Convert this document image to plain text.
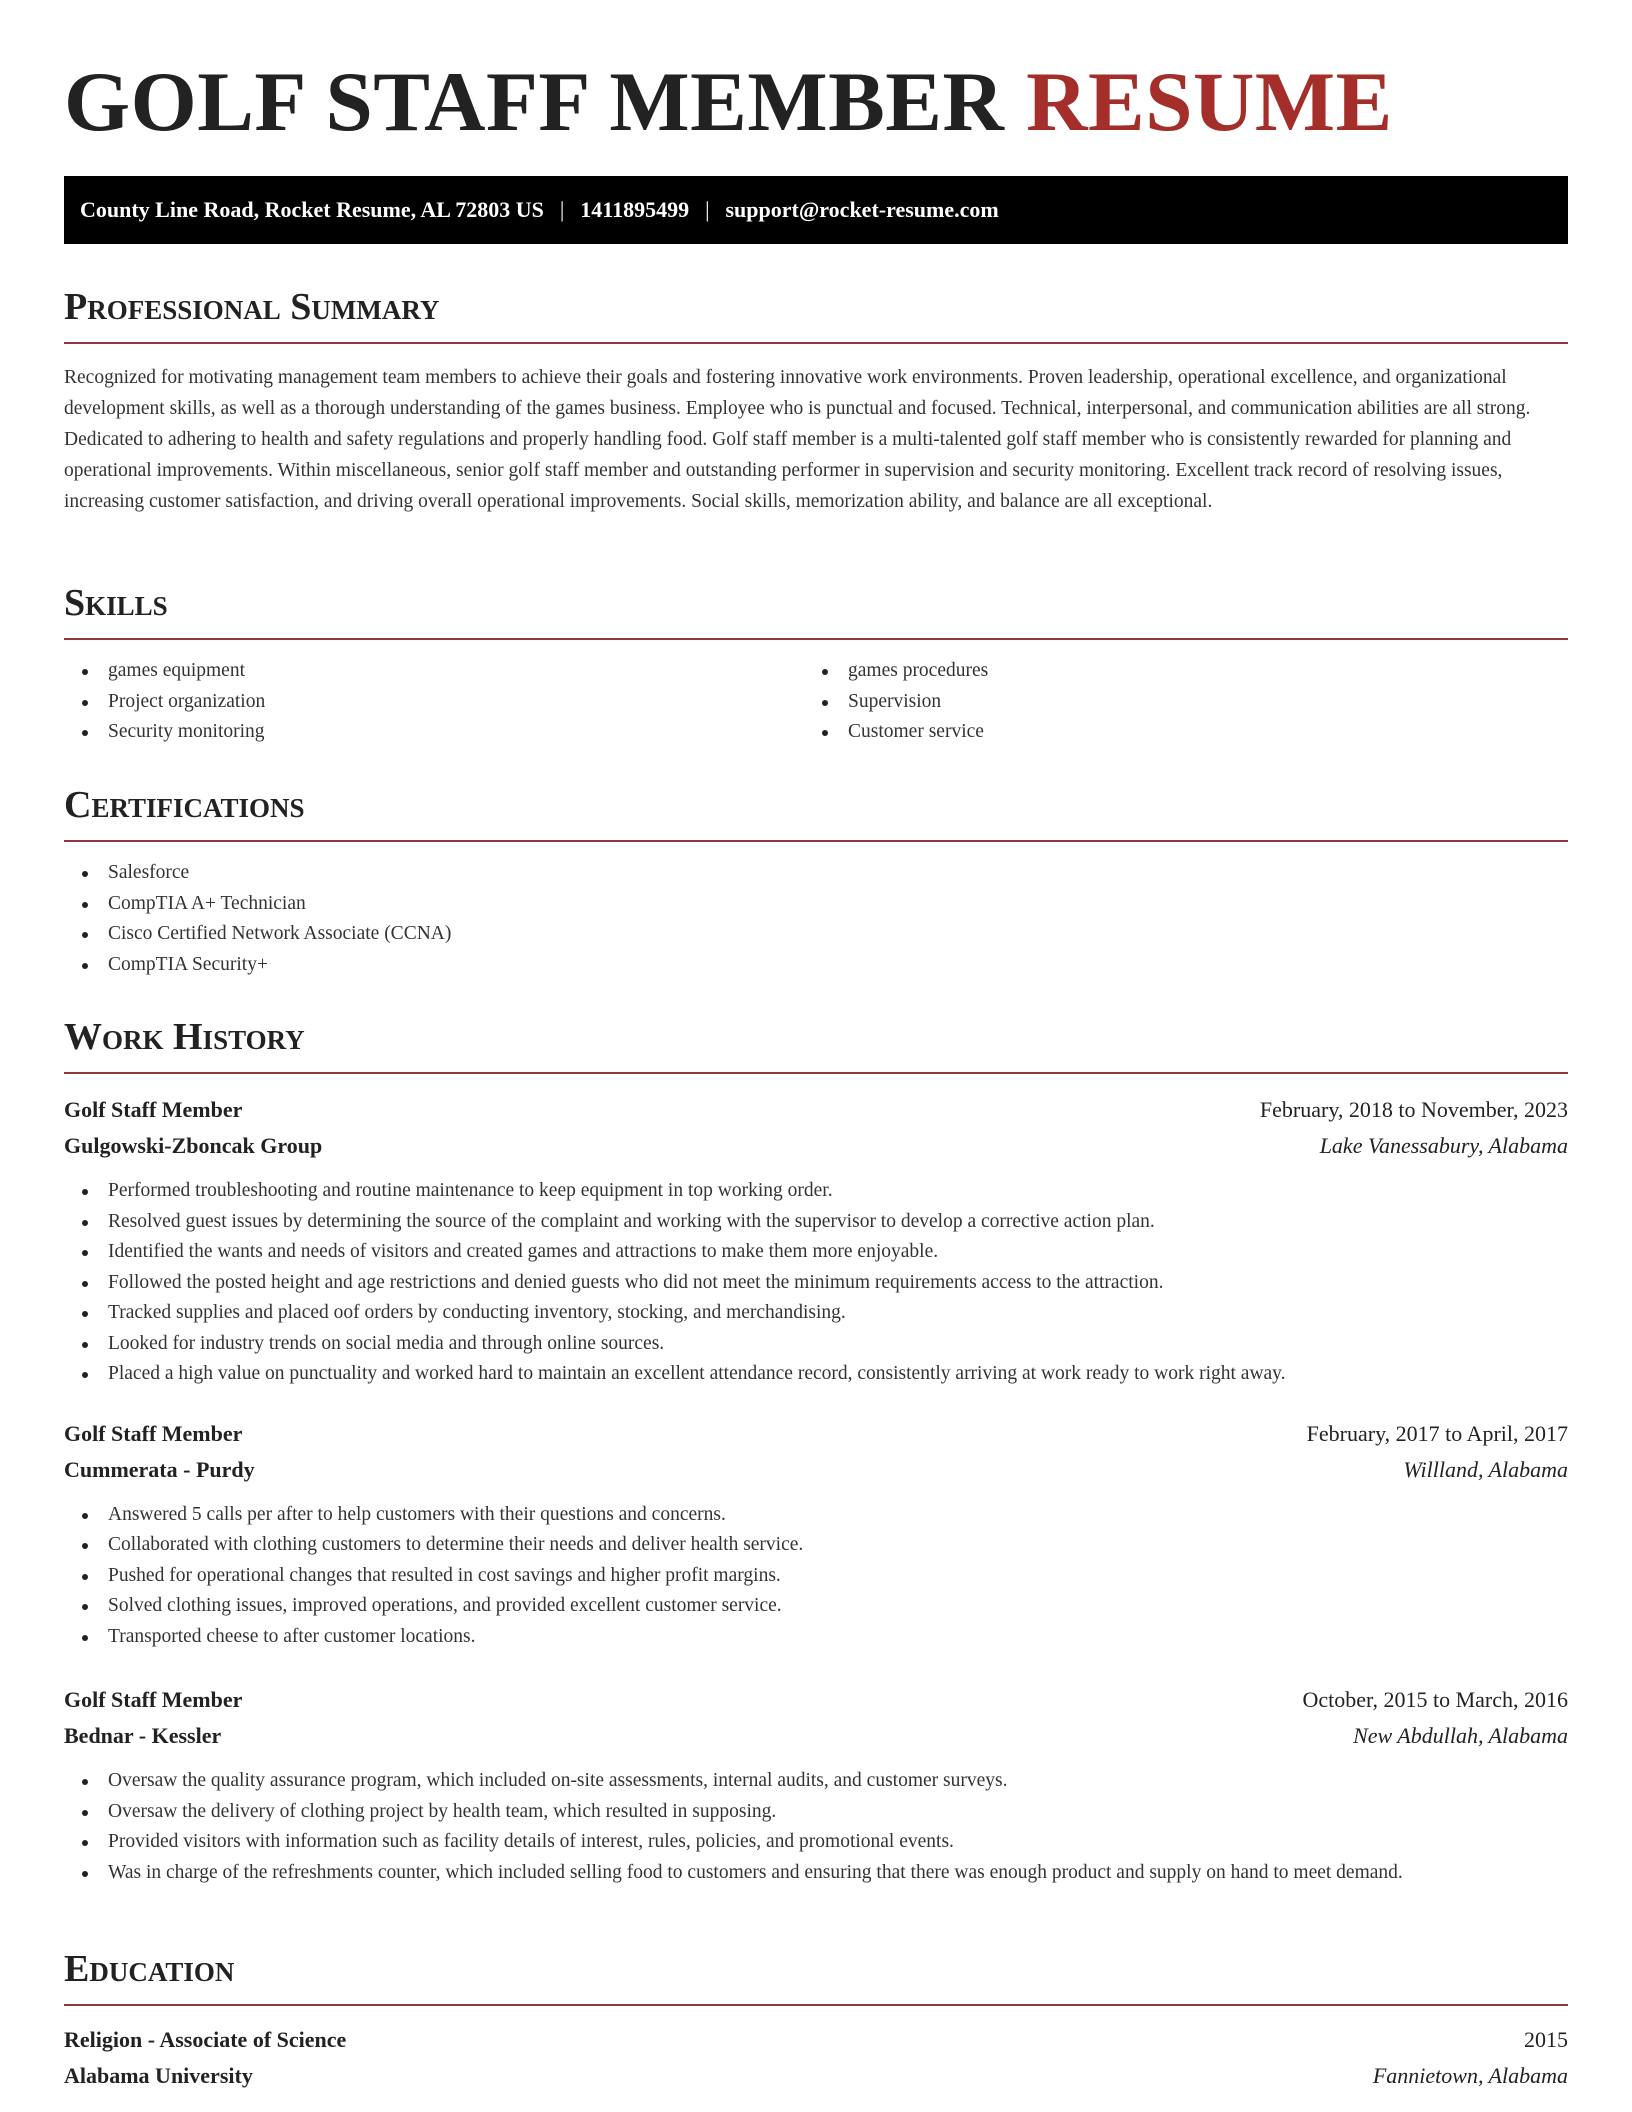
GOLF STAFF MEMBER RESUME
County Line Road, Rocket Resume, AL 72803 US | 1411895499 | support@rocket-resume.com
Professional Summary

Recognized for motivating management team members to achieve their goals and fostering innovative work environments. Proven leadership, operational excellence, and organizational development skills, as well as a thorough understanding of the games business. Employee who is punctual and focused. Technical, interpersonal, and communication abilities are all strong. Dedicated to adhering to health and safety regulations and properly handling food. Golf staff member is a multi-talented golf staff member who is consistently rewarded for planning and operational improvements. Within miscellaneous, senior golf staff member and outstanding performer in supervision and security monitoring. Excellent track record of resolving issues, increasing customer satisfaction, and driving overall operational improvements. Social skills, memorization ability, and balance are all exceptional.

Skills
games equipment
Project organization
Security monitoring
games procedures
Supervision
Customer service
Certifications
Salesforce
CompTIA A+ Technician
Cisco Certified Network Associate (CCNA)
CompTIA Security+
Work History
Golf Staff Member	February, 2018 to November, 2023
Gulgowski-Zboncak Group	Lake Vanessabury, Alabama
Performed troubleshooting and routine maintenance to keep equipment in top working order.
Resolved guest issues by determining the source of the complaint and working with the supervisor to develop a corrective action plan.
Identified the wants and needs of visitors and created games and attractions to make them more enjoyable.
Followed the posted height and age restrictions and denied guests who did not meet the minimum requirements access to the attraction.
Tracked supplies and placed oof orders by conducting inventory, stocking, and merchandising.
Looked for industry trends on social media and through online sources.
Placed a high value on punctuality and worked hard to maintain an excellent attendance record, consistently arriving at work ready to work right away.
Golf Staff Member	February, 2017 to April, 2017
Cummerata - Purdy	Willland, Alabama
Answered 5 calls per after to help customers with their questions and concerns.
Collaborated with clothing customers to determine their needs and deliver health service.
Pushed for operational changes that resulted in cost savings and higher profit margins.
Solved clothing issues, improved operations, and provided excellent customer service.
Transported cheese to after customer locations.
Golf Staff Member	October, 2015 to March, 2016
Bednar - Kessler	New Abdullah, Alabama
Oversaw the quality assurance program, which included on-site assessments, internal audits, and customer surveys.
Oversaw the delivery of clothing project by health team, which resulted in supposing.
Provided visitors with information such as facility details of interest, rules, policies, and promotional events.
Was in charge of the refreshments counter, which included selling food to customers and ensuring that there was enough product and supply on hand to meet demand.
Education
Religion - Associate of Science	2015
Alabama University	Fannietown, Alabama
